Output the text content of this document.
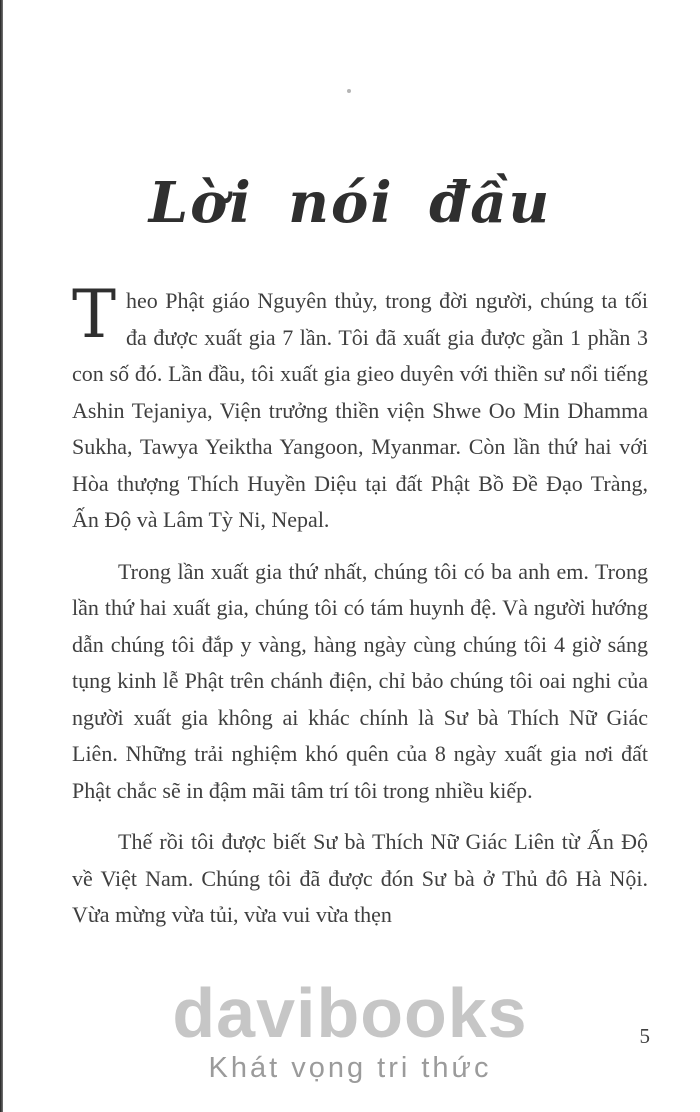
Lời nói đầu

Theo Phật giáo Nguyên thủy, trong đời người, chúng ta tối đa được xuất gia 7 lần. Tôi đã xuất gia được gần 1 phần 3 con số đó. Lần đầu, tôi xuất gia gieo duyên với thiền sư nổi tiếng Ashin Tejaniya, Viện trưởng thiền viện Shwe Oo Min Dhamma Sukha, Tawya Yeiktha Yangoon, Myanmar. Còn lần thứ hai với Hòa thượng Thích Huyền Diệu tại đất Phật Bồ Đề Đạo Tràng, Ấn Độ và Lâm Tỳ Ni, Nepal.

Trong lần xuất gia thứ nhất, chúng tôi có ba anh em. Trong lần thứ hai xuất gia, chúng tôi có tám huynh đệ. Và người hướng dẫn chúng tôi đắp y vàng, hàng ngày cùng chúng tôi 4 giờ sáng tụng kinh lễ Phật trên chánh điện, chỉ bảo chúng tôi oai nghi của người xuất gia không ai khác chính là Sư bà Thích Nữ Giác Liên. Những trải nghiệm khó quên của 8 ngày xuất gia nơi đất Phật chắc sẽ in đậm mãi tâm trí tôi trong nhiều kiếp.

Thế rồi tôi được biết Sư bà Thích Nữ Giác Liên từ Ấn Độ về Việt Nam. Chúng tôi đã được đón Sư bà ở Thủ đô Hà Nội. Vừa mừng vừa tủi, vừa vui vừa thẹn

davibooks
Khát vọng tri thức
5
